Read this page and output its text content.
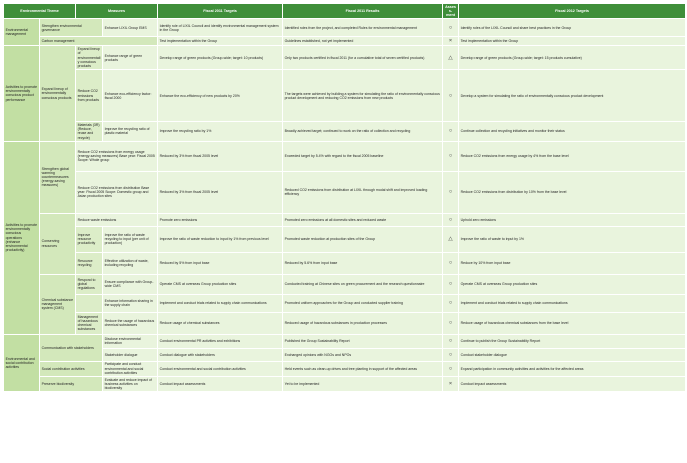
Environmental Theme		Measures		Fiscal 2011 Targets	Fiscal 2011 Results	Assess- ment	Fiscal 2012 Targets
Environmental management	Strengthen environmental governance		Enhance LIXIL Group EMS	Identify role of LIXIL Council and identify environmental management system in the Group	Identified roles from the project, and completed Rules for environmental management	○	Identify roles of the LIXIL Council and share best practices in the Group
	Carbon management			Test implementation within the Group	Guidelines established, not yet implemented	×	Test implementation within the Group
Activities to promote environmentally conscious product performance	Expand lineup of environmentally conscious products	Expand lineup of environmentally conscious products	Enhance range of green products	Develop range of green products (Group-wide; target: 10 products)	Only two products certified in fiscal 2011 (for a cumulative total of seven certified products)	△	Develop range of green products (Group-wide; target: 15 products cumulative)
		Reduce CO2 emissions from products	Enhance eco-efficiency factor: fiscal 2000	Enhance the eco-efficiency of new products by 20%	The targets were achieved by building a system for simulating the ratio of environmentally conscious product development and reducing CO2 emissions from new products	○	Develop a system for simulating the ratio of environmentally conscious product development
		Materials (3R) (Reduce, reuse and recycle)	Improve the recycling ratio of plastic material	Improve the recycling ratio by 1%	Broadly achieved target; continued to work on the ratio of collection and recycling	○	Continue collection and recycling initiatives and monitor their status
Activities to promote environmentally conscious operations (enhance environmental productivity)	Strengthen global warming countermeasures (energy-saving measures)	Reduce CO2 emissions from energy usage (energy-saving measures) Base year: Fiscal 2005 Scope: Whole group		Reduced by 3% from fiscal 2005 level	Exceeded target by 5.4% with regard to the fiscal 2005 baseline	○	Reduce CO2 emissions from energy usage by 4% from the base level
		Reduce CO2 emissions from distribution Base year: Fiscal 2005 Scope: Domestic group and Asian production sites		Reduced by 3% from fiscal 2005 level	Reduced CO2 emissions from distribution at LIXIL through modal shift and improved loading efficiency	○	Reduce CO2 emissions from distribution by 10% from the base level
	Conserving resources	Reduce waste emissions		Promote zero emissions	Promoted zero emissions at all domestic sites and reduced waste	○	Uphold zero emissions
		Improve resource productivity	Improve the ratio of waste recycling to input (per unit of production)	Improve the ratio of waste reduction to input by 1% from previous level	Promoted waste reduction at production sites of the Group	△	Improve the ratio of waste to input by 1%
		Resource recycling	Effective utilization of waste, including recycling	Reduced by 5% from input base	Reduced by 5.6% from input base	○	Reduce by 10% from input base
	Chemical substance management system (CMS)	Respond to global regulations	Ensure compliance with Group-wide CMS	Operate CMS at overseas Group production sites	Conducted training at Chinese sites on green procurement and the research questionnaire	○	Operate CMS at overseas Group production sites
			Enhance information sharing in the supply chain	Implement and conduct trials related to supply chain communications	Promoted uniform approaches for the Group and conducted supplier training	○	Implement and conduct trials related to supply chain communications
		Management of hazardous chemical substances	Reduce the usage of hazardous chemical substances	Reduce usage of chemical substances	Reduced usage of hazardous substances in production processes	○	Reduce usage of hazardous chemical substances from the base level
Environmental and social contribution activities	Communication with stakeholders		Disclose environmental information	Conduct environmental PR activities and exhibitions	Published the Group Sustainability Report	○	Continue to publish the Group Sustainability Report
			Stakeholder dialogue	Conduct dialogue with stakeholders	Exchanged opinions with NGOs and NPOs	○	Conduct stakeholder dialogue
	Social contribution activities		Participate and conduct environmental and social contribution activities	Conduct environmental and social contribution activities	Held events such as clean-up drives and tree planting in support of the affected areas	○	Expand participation in community activities and activities for the affected areas
	Preserve biodiversity		Evaluate and reduce impact of business activities on biodiversity	Conduct impact assessments	Yet to be implemented	×	Conduct impact assessments
